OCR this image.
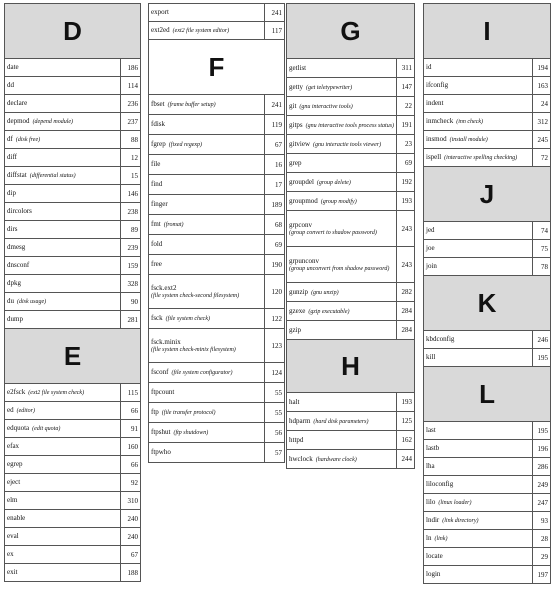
D	
date	186
dd	114
declare	236
depmod (depend module)	237
df (disk free)	88
diff	12
diffstat (differential status)	15
dip	146
dircolors	238
dirs	89
dmesg	239
dnsconf	159
dpkg	328
du (disk usage)	90
dump	281
E	
e2fsck (ext2 file system check)	115
ed (editor)	66
edquota (edit quota)	91
efax	160
egrep	66
eject	92
elm	310
enable	240
eval	240
ex	67
exit	188
export	241
ext2ed (ext2 file system editor)	117
F	
fbset (frame buffer setup)	241
fdisk	119
fgrep (fixed regexp)	67
file	16
find	17
finger	189
fmt (fromat)	68
fold	69
free	190
fsck.ext2
(file system check-second filesystem)	120
fsck (file system check)	122
fsck.minix
(file system check-minix filesystem)	123
fsconf (file system configurator)	124
ftpcount	55
ftp (file transfer protocol)	55
ftpshut (ftp shutdown)	56
ftpwho	57
G	
getlist	311
getty (get teletypewriter)	147
git (gnu interactive tools)	22
gitps (gnu interactive tools process status)	191
gitview (gnu interactie tools viewer)	23
grep	69
groupdel (group delete)	192
groupmod (group modify)	193
grpconv
(group convert to shadow password)	243
grpunconv
(group unconvert from shadow password)	243
gunzip (gnu unzip)	282
gzexe (gzip executable)	284
gzip	284
H	
halt	193
hdparm (hard disk parameters)	125
httpd	162
hwclock (hardware clock)	244
I	
id	194
ifconfig	163
indent	24
inmcheck (inn check)	312
insmod (install module)	245
ispell (interactive spelling checking)	72
J	
jed	74
joe	75
join	78
K	
kbdconfig	246
kill	195
L	
last	195
lastb	196
lha	286
liloconfig	249
lilo (linux loader)	247
lndir (link directory)	93
ln (link)	28
locate	29
login	197
